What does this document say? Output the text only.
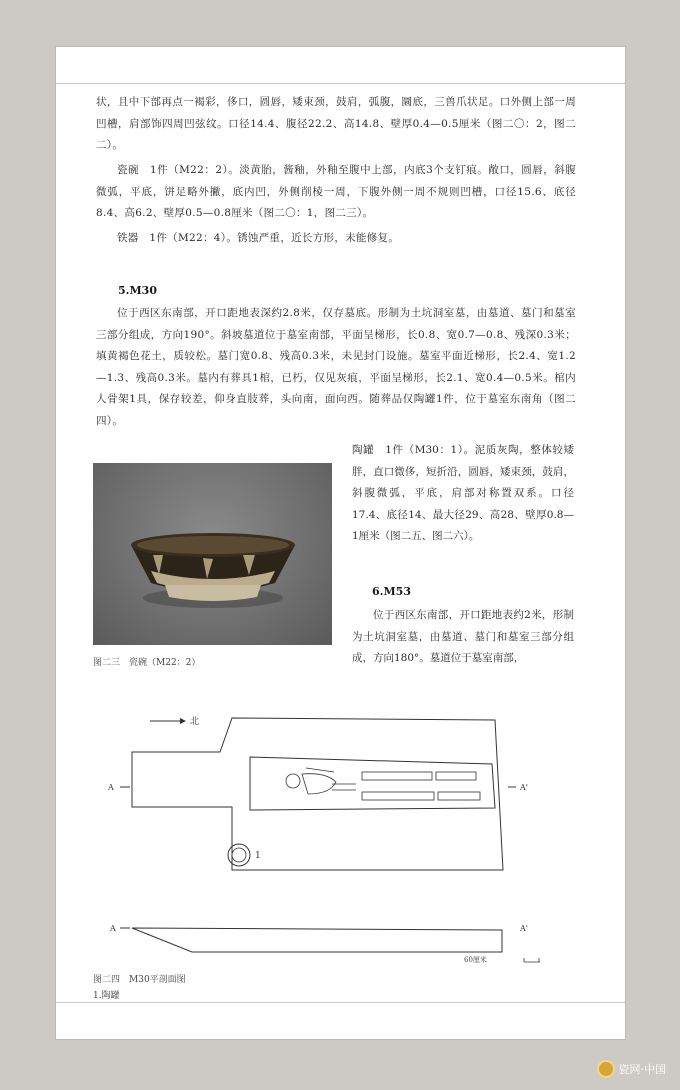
状，且中下部再点一褐彩，侈口，圆唇，矮束颈，鼓肩，弧腹，圜底，三兽爪状足。口外侧上部一周凹槽，肩部饰四周凹弦纹。口径14.4、腹径22.2、高14.8、壁厚0.4—0.5厘米（图二〇：2，图二二）。
瓷碗　1件（M22：2）。淡黄胎，酱釉，外釉至腹中上部，内底3个支钉痕。敞口，圆唇，斜腹微弧，平底，饼足略外撇，底内凹，外侧削棱一周，下腹外侧一周不规则凹槽，口径15.6、底径8.4、高6.2、壁厚0.5—0.8厘米（图二〇：1，图二三）。
铁器　1件（M22：4）。锈蚀严重，近长方形，未能修复。
5.M30
位于西区东南部，开口距地表深约2.8米，仅存墓底。形制为土坑洞室墓，由墓道、墓门和墓室三部分组成，方向190°。斜坡墓道位于墓室南部，平面呈梯形，长0.8、宽0.7—0.8、残深0.3米；填黄褐色花土，质较松。墓门宽0.8、残高0.3米，未见封门设施。墓室平面近梯形，长2.4、宽1.2—1.3、残高0.3米。墓内有葬具1棺，已朽，仅见灰痕，平面呈梯形，长2.1、宽0.4—0.5米。棺内人骨架1具，保存较差，仰身直肢葬，头向南，面向西。随葬品仅陶罐1件，位于墓室东南角（图二四）。
图二三　瓷碗（M22：2）
陶罐　1件（M30：1）。泥质灰陶，整体较矮胖，直口微侈，短折沿，圆唇，矮束颈，鼓肩，斜腹微弧，平底，肩部对称置双系。口径17.4、底径14、最大径29、高28、壁厚0.8—1厘米（图二五、图二六）。
6.M53
位于西区东南部，开口距地表约2米，形制为土坑洞室墓，由墓道、墓门和墓室三部分组成，方向180°。墓道位于墓室南部，
北
1
A	A'
A	A'
60厘米
图二四　M30平剖面图
1.陶罐
瓷网·中国
